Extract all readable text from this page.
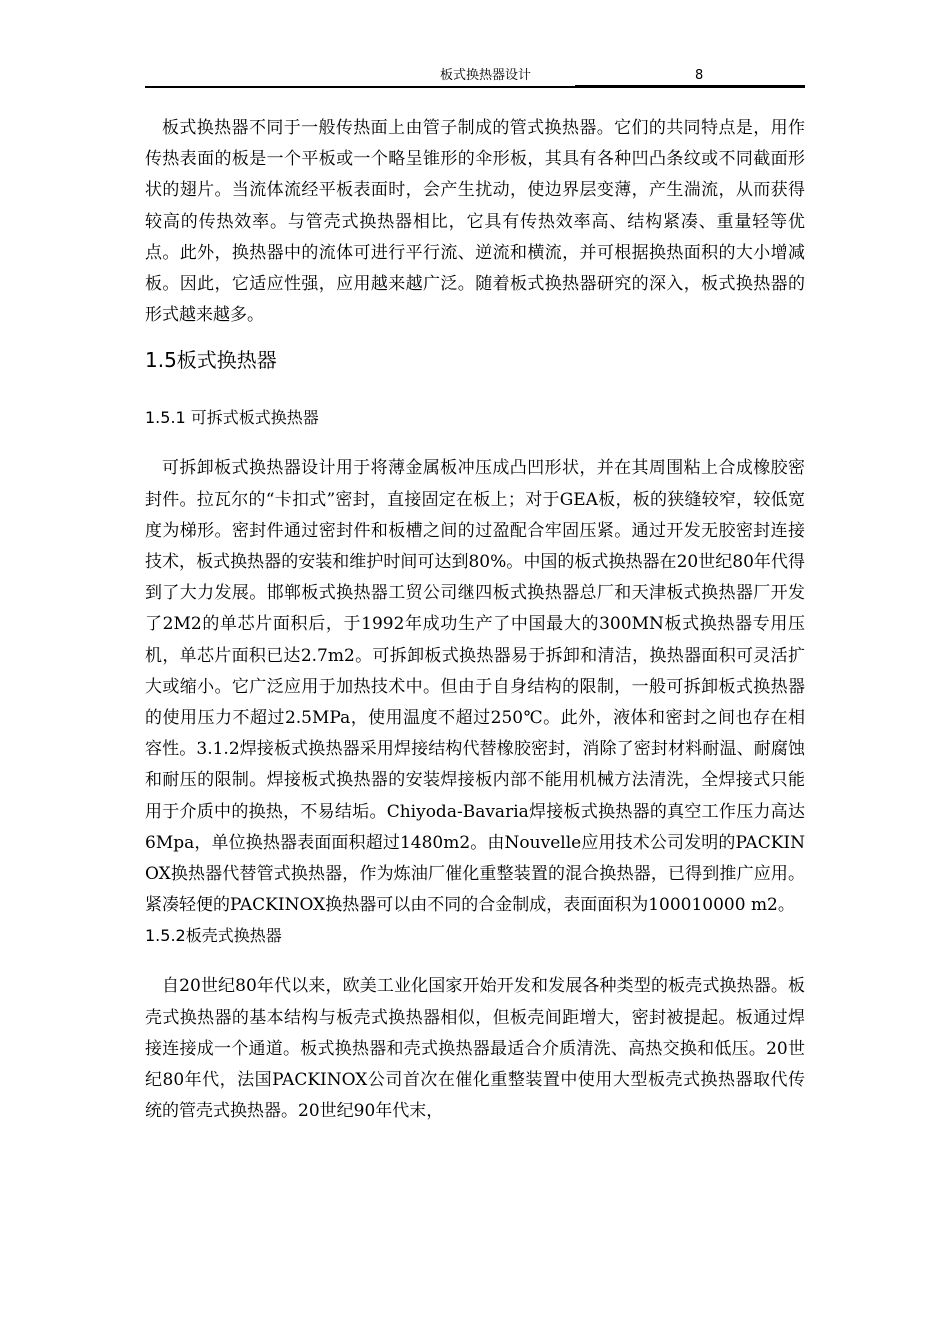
板式换热器设计	8

板式换热器不同于一般传热面上由管子制成的管式换热器。它们的共同特点是，用作传热表面的板是一个平板或一个略呈锥形的伞形板，其具有各种凹凸条纹或不同截面形状的翅片。当流体流经平板表面时，会产生扰动，使边界层变薄，产生湍流，从而获得较高的传热效率。与管壳式换热器相比，它具有传热效率高、结构紧凑、重量轻等优点。此外，换热器中的流体可进行平行流、逆流和横流，并可根据换热面积的大小增减板。因此，它适应性强，应用越来越广泛。随着板式换热器研究的深入，板式换热器的形式越来越多。

1.5板式换热器
1.5.1 可拆式板式换热器

可拆卸板式换热器设计用于将薄金属板冲压成凸凹形状，并在其周围粘上合成橡胶密封件。拉瓦尔的“卡扣式”密封，直接固定在板上；对于GEA板，板的狭缝较窄，较低宽度为梯形。密封件通过密封件和板槽之间的过盈配合牢固压紧。通过开发无胶密封连接技术，板式换热器的安装和维护时间可达到80%。中国的板式换热器在20世纪80年代得到了大力发展。邯郸板式换热器工贸公司继四板式换热器总厂和天津板式换热器厂开发了2M2的单芯片面积后，于1992年成功生产了中国最大的300MN板式换热器专用压机，单芯片面积已达2.7m2。可拆卸板式换热器易于拆卸和清洁，换热器面积可灵活扩大或缩小。它广泛应用于加热技术中。但由于自身结构的限制，一般可拆卸板式换热器的使用压力不超过2.5MPa，使用温度不超过250℃。此外，液体和密封之间也存在相容性。3.1.2焊接板式换热器采用焊接结构代替橡胶密封，消除了密封材料耐温、耐腐蚀和耐压的限制。焊接板式换热器的安装焊接板内部不能用机械方法清洗，全焊接式只能用于介质中的换热，不易结垢。Chiyoda-Bavaria焊接板式换热器的真空工作压力高达6Mpa，单位换热器表面面积超过1480m2。由Nouvelle应用技术公司发明的PACKINOX换热器代替管式换热器，作为炼油厂催化重整装置的混合换热器，已得到推广应用。紧凑轻便的PACKINOX换热器可以由不同的合金制成，表面面积为100010000 m2。

1.5.2板壳式换热器

自20世纪80年代以来，欧美工业化国家开始开发和发展各种类型的板壳式换热器。板壳式换热器的基本结构与板壳式换热器相似，但板壳间距增大，密封被提起。板通过焊接连接成一个通道。板式换热器和壳式换热器最适合介质清洗、高热交换和低压。20世纪80年代，法国PACKINOX公司首次在催化重整装置中使用大型板壳式换热器取代传统的管壳式换热器。20世纪90年代末，
